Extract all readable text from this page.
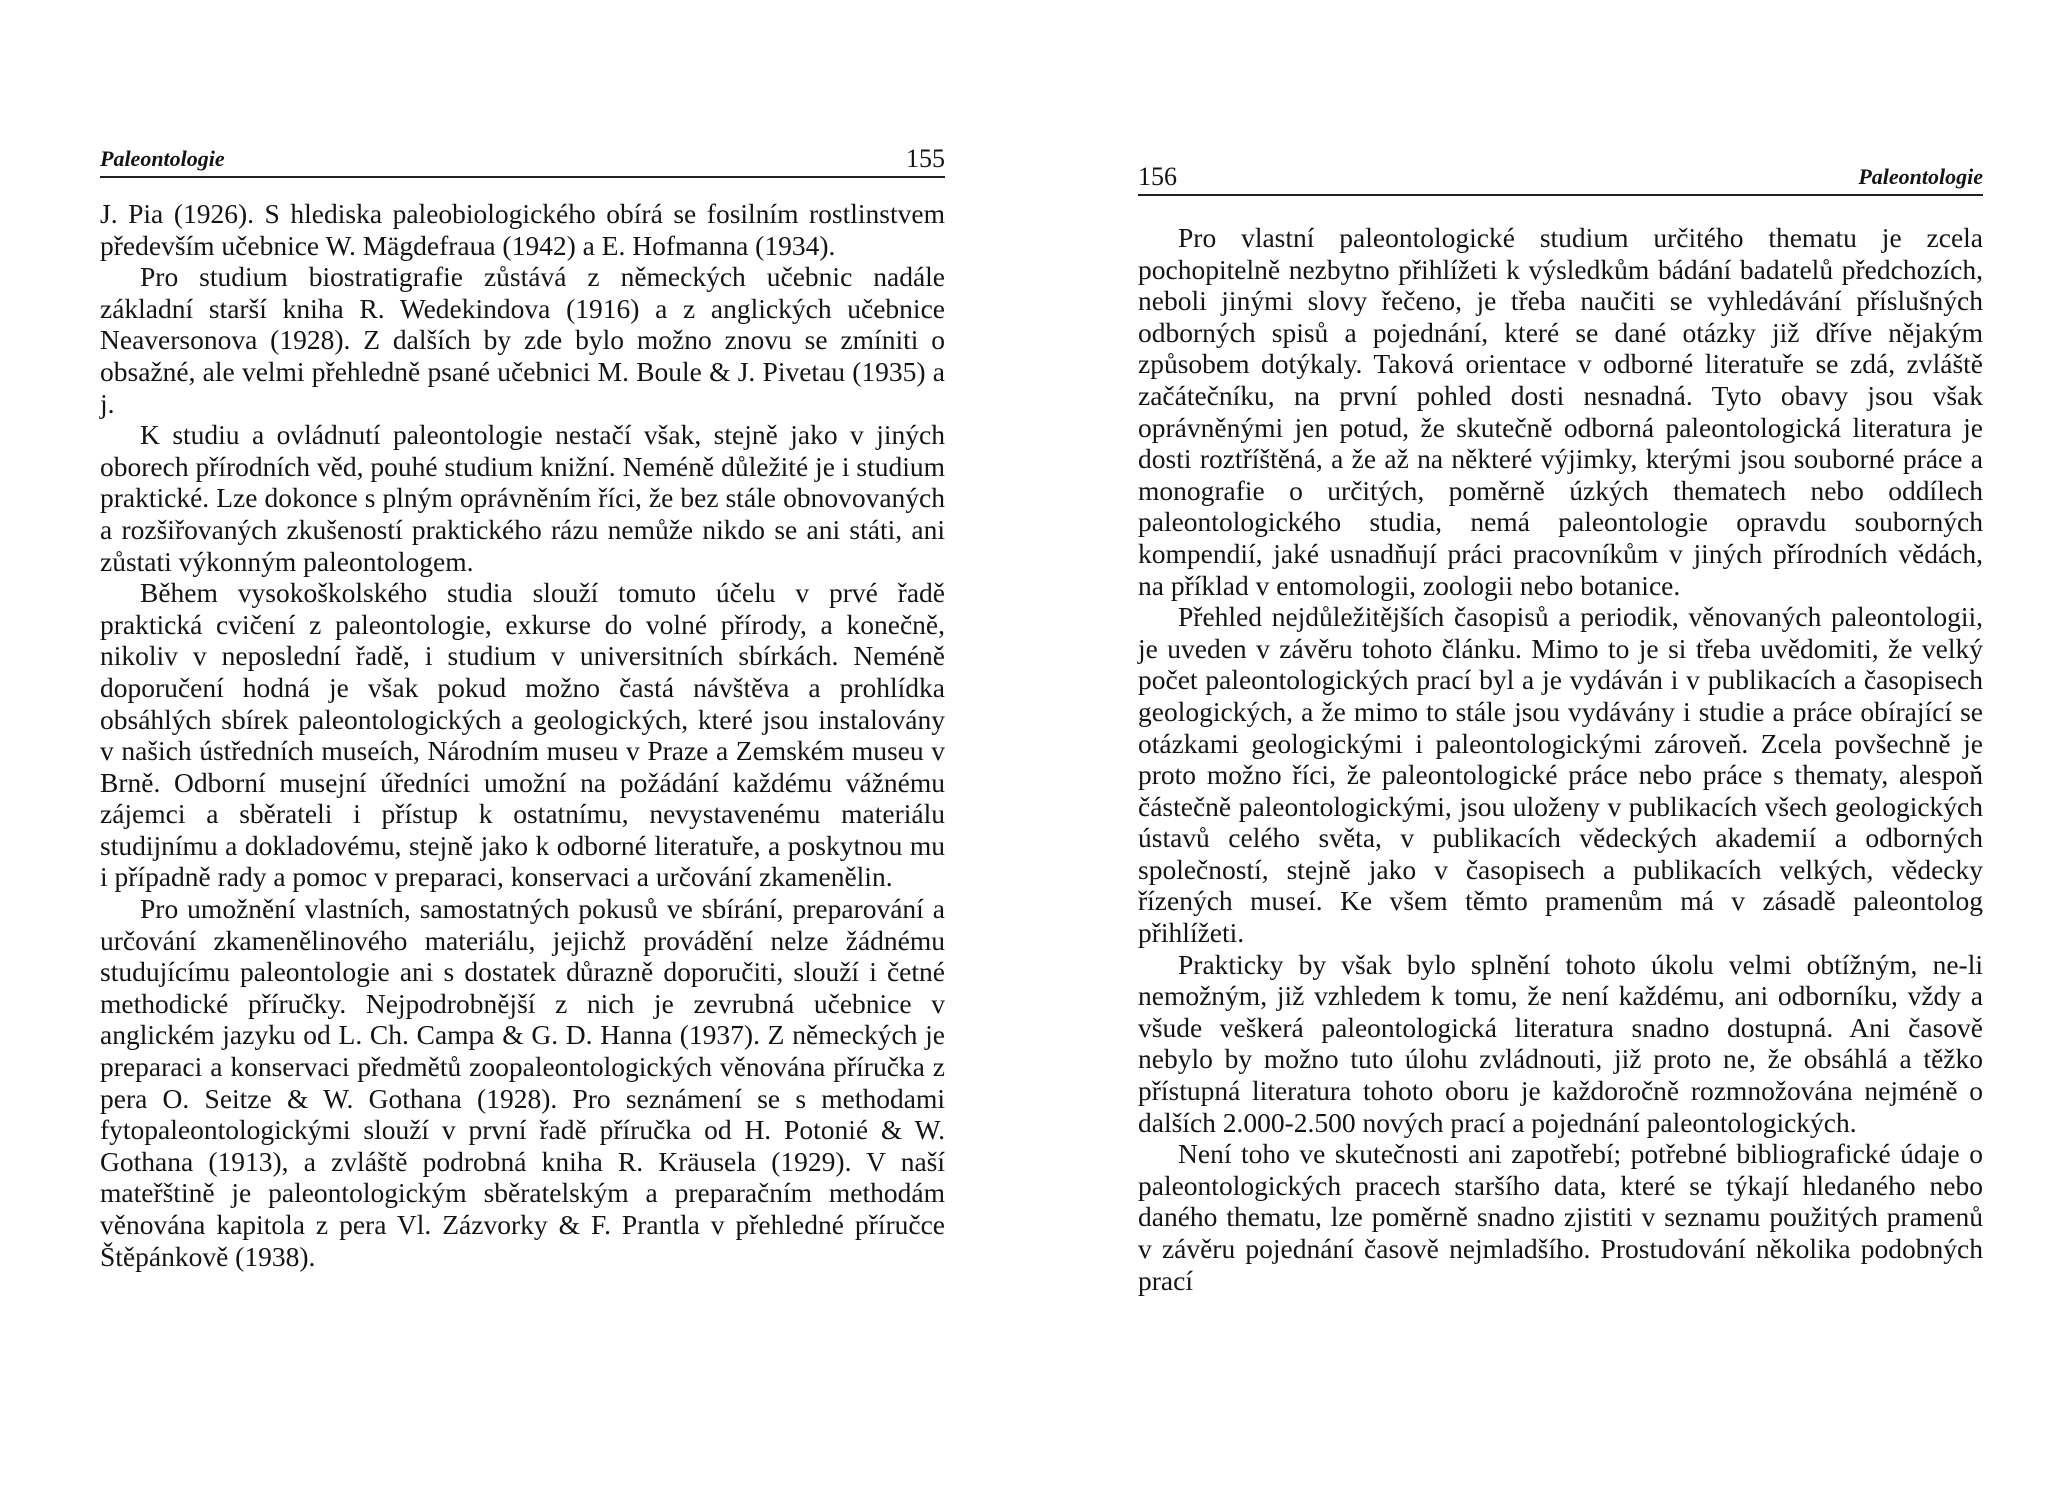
Paleontologie	155

J. Pia (1926). S hlediska paleobiologického obírá se fosilním rostlinstvem především učebnice W. Mägdefraua (1942) a E. Hofmanna (1934).

Pro studium biostratigrafie zůstává z německých učebnic nadále základní starší kniha R. Wedekindova (1916) a z anglických učebnice Neaversonova (1928). Z dalších by zde bylo možno znovu se zmíniti o obsažné, ale velmi přehledně psané učebnici M. Boule & J. Pivetau (1935) a j.

K studiu a ovládnutí paleontologie nestačí však, stejně jako v jiných oborech přírodních věd, pouhé studium knižní. Neméně důležité je i studium praktické. Lze dokonce s plným oprávněním říci, že bez stále obnovovaných a rozšiřovaných zkušeností praktického rázu nemůže nikdo se ani státi, ani zůstati výkonným paleontologem.

Během vysokoškolského studia slouží tomuto účelu v prvé řadě praktická cvičení z paleontologie, exkurse do volné přírody, a konečně, nikoliv v neposlední řadě, i studium v universitních sbírkách. Neméně doporučení hodná je však pokud možno častá návštěva a prohlídka obsáhlých sbírek paleontologických a geologických, které jsou instalovány v našich ústředních museích, Národním museu v Praze a Zemském museu v Brně. Odborní musejní úředníci umožní na požádání každému vážnému zájemci a sběrateli i přístup k ostatnímu, nevystavenému materiálu studijnímu a dokladovému, stejně jako k odborné literatuře, a poskytnou mu i případně rady a pomoc v preparaci, konservaci a určování zkamenělin.

Pro umožnění vlastních, samostatných pokusů ve sbírání, preparování a určování zkamenělinového materiálu, jejichž provádění nelze žádnému studujícímu paleontologie ani s dostatek důrazně doporučiti, slouží i četné methodické příručky. Nejpodrobnější z nich je zevrubná učebnice v anglickém jazyku od L. Ch. Campa & G. D. Hanna (1937). Z německých je preparaci a konservaci předmětů zoopaleontologických věnována příručka z pera O. Seitze & W. Gothana (1928). Pro seznámení se s methodami fytopaleontologickými slouží v první řadě příručka od H. Potonié & W. Gothana (1913), a zvláště podrobná kniha R. Kräusela (1929). V naší mateřštině je paleontologickým sběratelským a preparačním methodám věnována kapitola z pera Vl. Zázvorky & F. Prantla v přehledné příručce Štěpánkově (1938).

156	Paleontologie

Pro vlastní paleontologické studium určitého thematu je zcela pochopitelně nezbytno přihlížeti k výsledkům bádání badatelů předchozích, neboli jinými slovy řečeno, je třeba naučiti se vyhledávání příslušných odborných spisů a pojednání, které se dané otázky již dříve nějakým způsobem dotýkaly. Taková orientace v odborné literatuře se zdá, zvláště začátečníku, na první pohled dosti nesnadná. Tyto obavy jsou však oprávněnými jen potud, že skutečně odborná paleontologická literatura je dosti roztříštěná, a že až na některé výjimky, kterými jsou souborné práce a monografie o určitých, poměrně úzkých thematech nebo oddílech paleontologického studia, nemá paleontologie opravdu souborných kompendií, jaké usnadňují práci pracovníkům v jiných přírodních vědách, na příklad v entomologii, zoologii nebo botanice.

Přehled nejdůležitějších časopisů a periodik, věnovaných paleontologii, je uveden v závěru tohoto článku. Mimo to je si třeba uvědomiti, že velký počet paleontologických prací byl a je vydáván i v publikacích a časopisech geologických, a že mimo to stále jsou vydávány i studie a práce obírající se otázkami geologickými i paleontologickými zároveň. Zcela povšechně je proto možno říci, že paleontologické práce nebo práce s thematy, alespoň částečně paleontologickými, jsou uloženy v publikacích všech geologických ústavů celého světa, v publikacích vědeckých akademií a odborných společností, stejně jako v časopisech a publikacích velkých, vědecky řízených museí. Ke všem těmto pramenům má v zásadě paleontolog přihlížeti.

Prakticky by však bylo splnění tohoto úkolu velmi obtížným, ne-li nemožným, již vzhledem k tomu, že není každému, ani odborníku, vždy a všude veškerá paleontologická literatura snadno dostupná. Ani časově nebylo by možno tuto úlohu zvládnouti, již proto ne, že obsáhlá a těžko přístupná literatura tohoto oboru je každoročně rozmnožována nejméně o dalších 2.000-2.500 nových prací a pojednání paleontologických.

Není toho ve skutečnosti ani zapotřebí; potřebné bibliografické údaje o paleontologických pracech staršího data, které se týkají hledaného nebo daného thematu, lze poměrně snadno zjistiti v seznamu použitých pramenů v závěru pojednání časově nejmladšího. Prostudování několika podobných prací
